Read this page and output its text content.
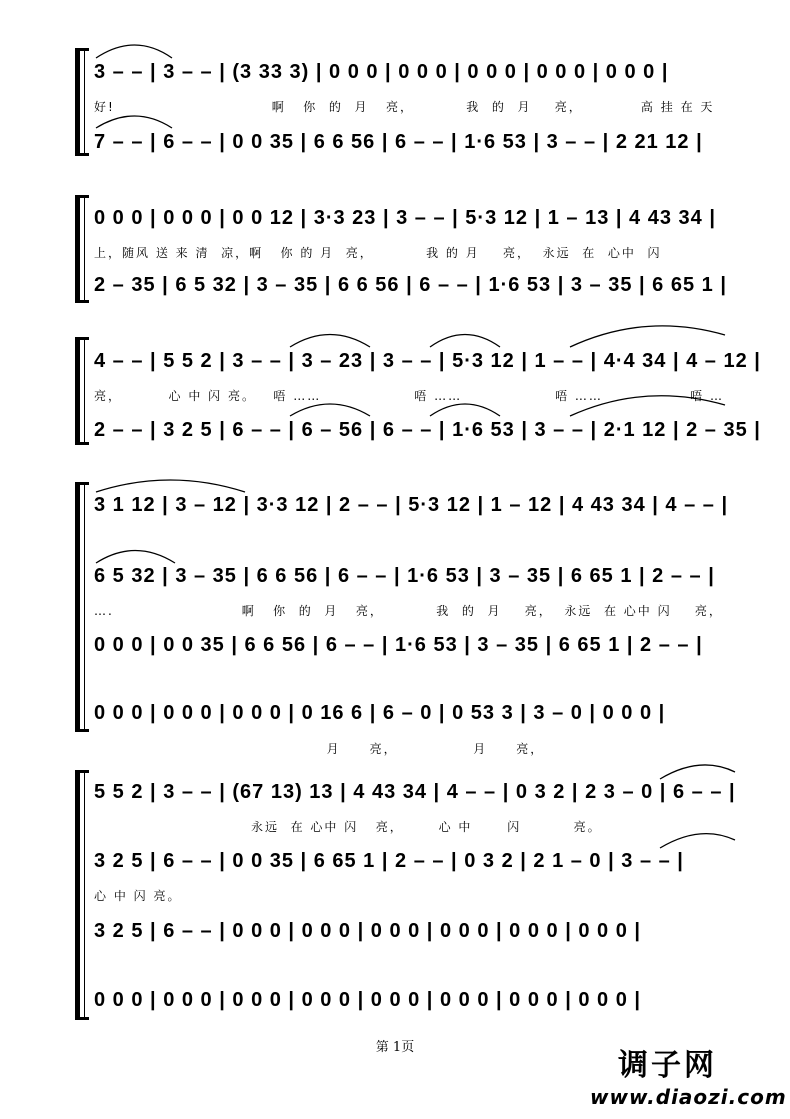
3 – – | 3 – – | (3 33 3) | 0 0 0 | 0 0 0 | 0 0 0 | 0 0 0 | 0 0 0 |
好!                           啊   你  的  月   亮，         我  的  月    亮，          高 挂 在 天
7 – – | 6 – – | 0 0 35 | 6 6 56 | 6 – – | 1·6 53 | 3 – – | 2 21 12 |
0 0 0 | 0 0 0 | 0 0 12 | 3·3 23 | 3 – – | 5·3 12 | 1 – 13 | 4 43 34 |
上，随风 送 来 清  凉，啊   你 的 月  亮，         我 的 月    亮，  永远  在  心中  闪
2 – 35 | 6 5 32 | 3 – 35 | 6 6 56 | 6 – – | 1·6 53 | 3 – 35 | 6 65 1 |
4 – – | 5 5 2 | 3 – – | 3 – 23 | 3 – – | 5·3 12 | 1 – – | 4·4 34 | 4 – 12 |
亮，        心 中 闪 亮。   唔 ……                唔 ……                唔 ……               唔 …
2 – – | 3 2 5 | 6 – – | 6 – 56 | 6 – – | 1·6 53 | 3 – – | 2·1 12 | 2 – 35 |
3 1 12 | 3 – 12 | 3·3 12 | 2 – – | 5·3 12 | 1 – 12 | 4 43 34 | 4 – – |
6 5 32 | 3 – 35 | 6 6 56 | 6 – – | 1·6 53 | 3 – 35 | 6 65 1 | 2 – – |
….                      啊   你  的  月   亮，         我  的  月    亮，  永远  在 心中 闪    亮，
0 0 0 | 0 0 35 | 6 6 56 | 6 – – | 1·6 53 | 3 – 35 | 6 65 1 | 2 – – |
0 0 0 | 0 0 0 | 0 0 0 | 0 16 6 | 6 – 0 | 0 53 3 | 3 – 0 | 0 0 0 |
月     亮，             月     亮，
5 5 2 | 3 – – | (67 13) 13 | 4 43 34 | 4 – – | 0 3 2 | 2 3 – 0 | 6 – – |
永远  在 心中 闪   亮，      心 中      闪         亮。
3 2 5 | 6 – – | 0 0 35 | 6 65 1 | 2 – – | 0 3 2 | 2 1 – 0 | 3 – – |
心 中 闪 亮。
3 2 5 | 6 – – | 0 0 0 | 0 0 0 | 0 0 0 | 0 0 0 | 0 0 0 | 0 0 0 |
0 0 0 | 0 0 0 | 0 0 0 | 0 0 0 | 0 0 0 | 0 0 0 | 0 0 0 | 0 0 0 |
第 1页
调子网
www.diaozi.com
